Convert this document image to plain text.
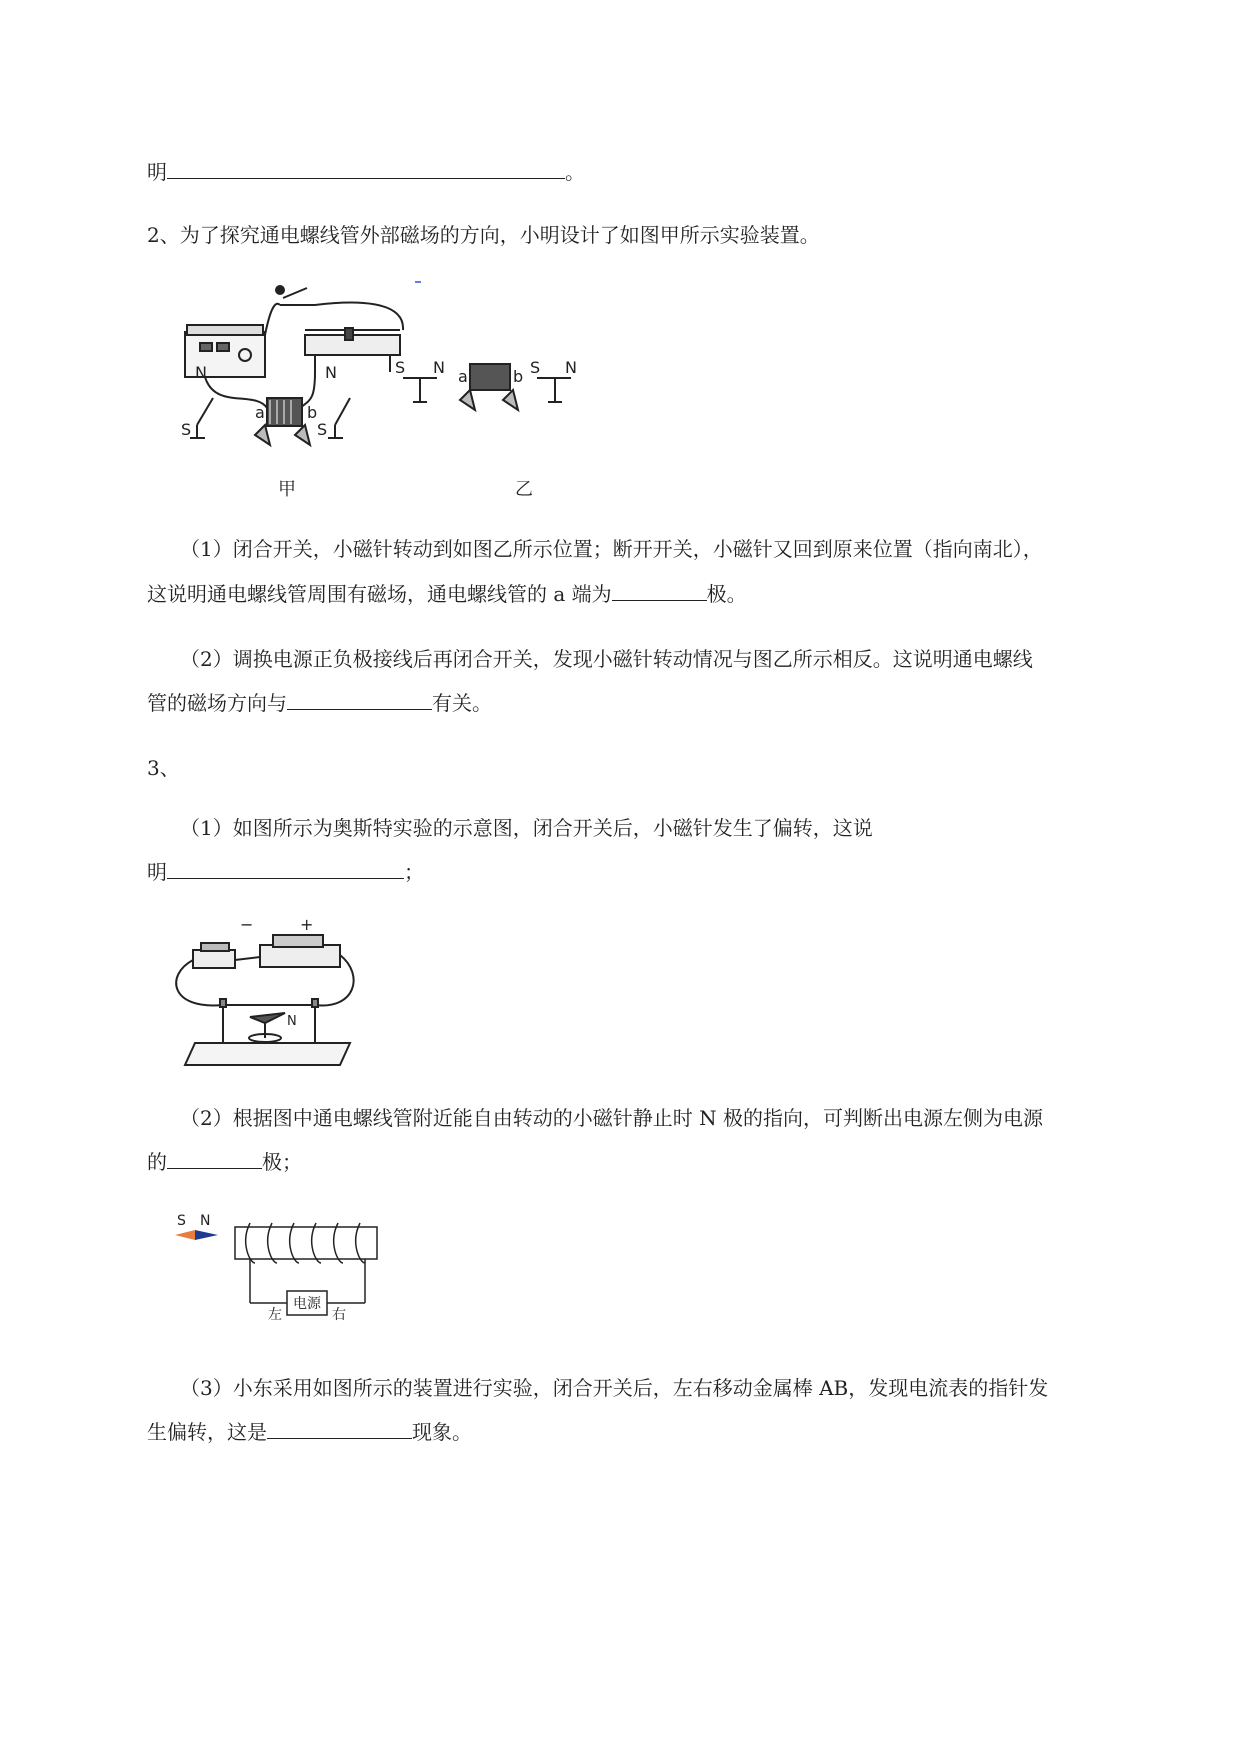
明	。
2、为了探究通电螺线管外部磁场的方向，小明设计了如图甲所示实验装置。
N
S
a	b
N
S
S N a	b S N
甲	乙
（1）闭合开关，小磁针转动到如图乙所示位置；断开开关，小磁针又回到原来位置（指向南北），
这说明通电螺线管周围有磁场，通电螺线管的 a 端为	极。
（2）调换电源正负极接线后再闭合开关，发现小磁针转动情况与图乙所示相反。这说明通电螺线
管的磁场方向与	有关。
3、
（1）如图所示为奥斯特实验的示意图，闭合开关后，小磁针发生了偏转，这说
明	；
−	+
N
（2）根据图中通电螺线管附近能自由转动的小磁针静止时 N 极的指向，可判断出电源左侧为电源
的	极；
S N
电源
左	右
（3）小东采用如图所示的装置进行实验，闭合开关后，左右移动金属棒 AB，发现电流表的指针发
生偏转，这是	现象。
